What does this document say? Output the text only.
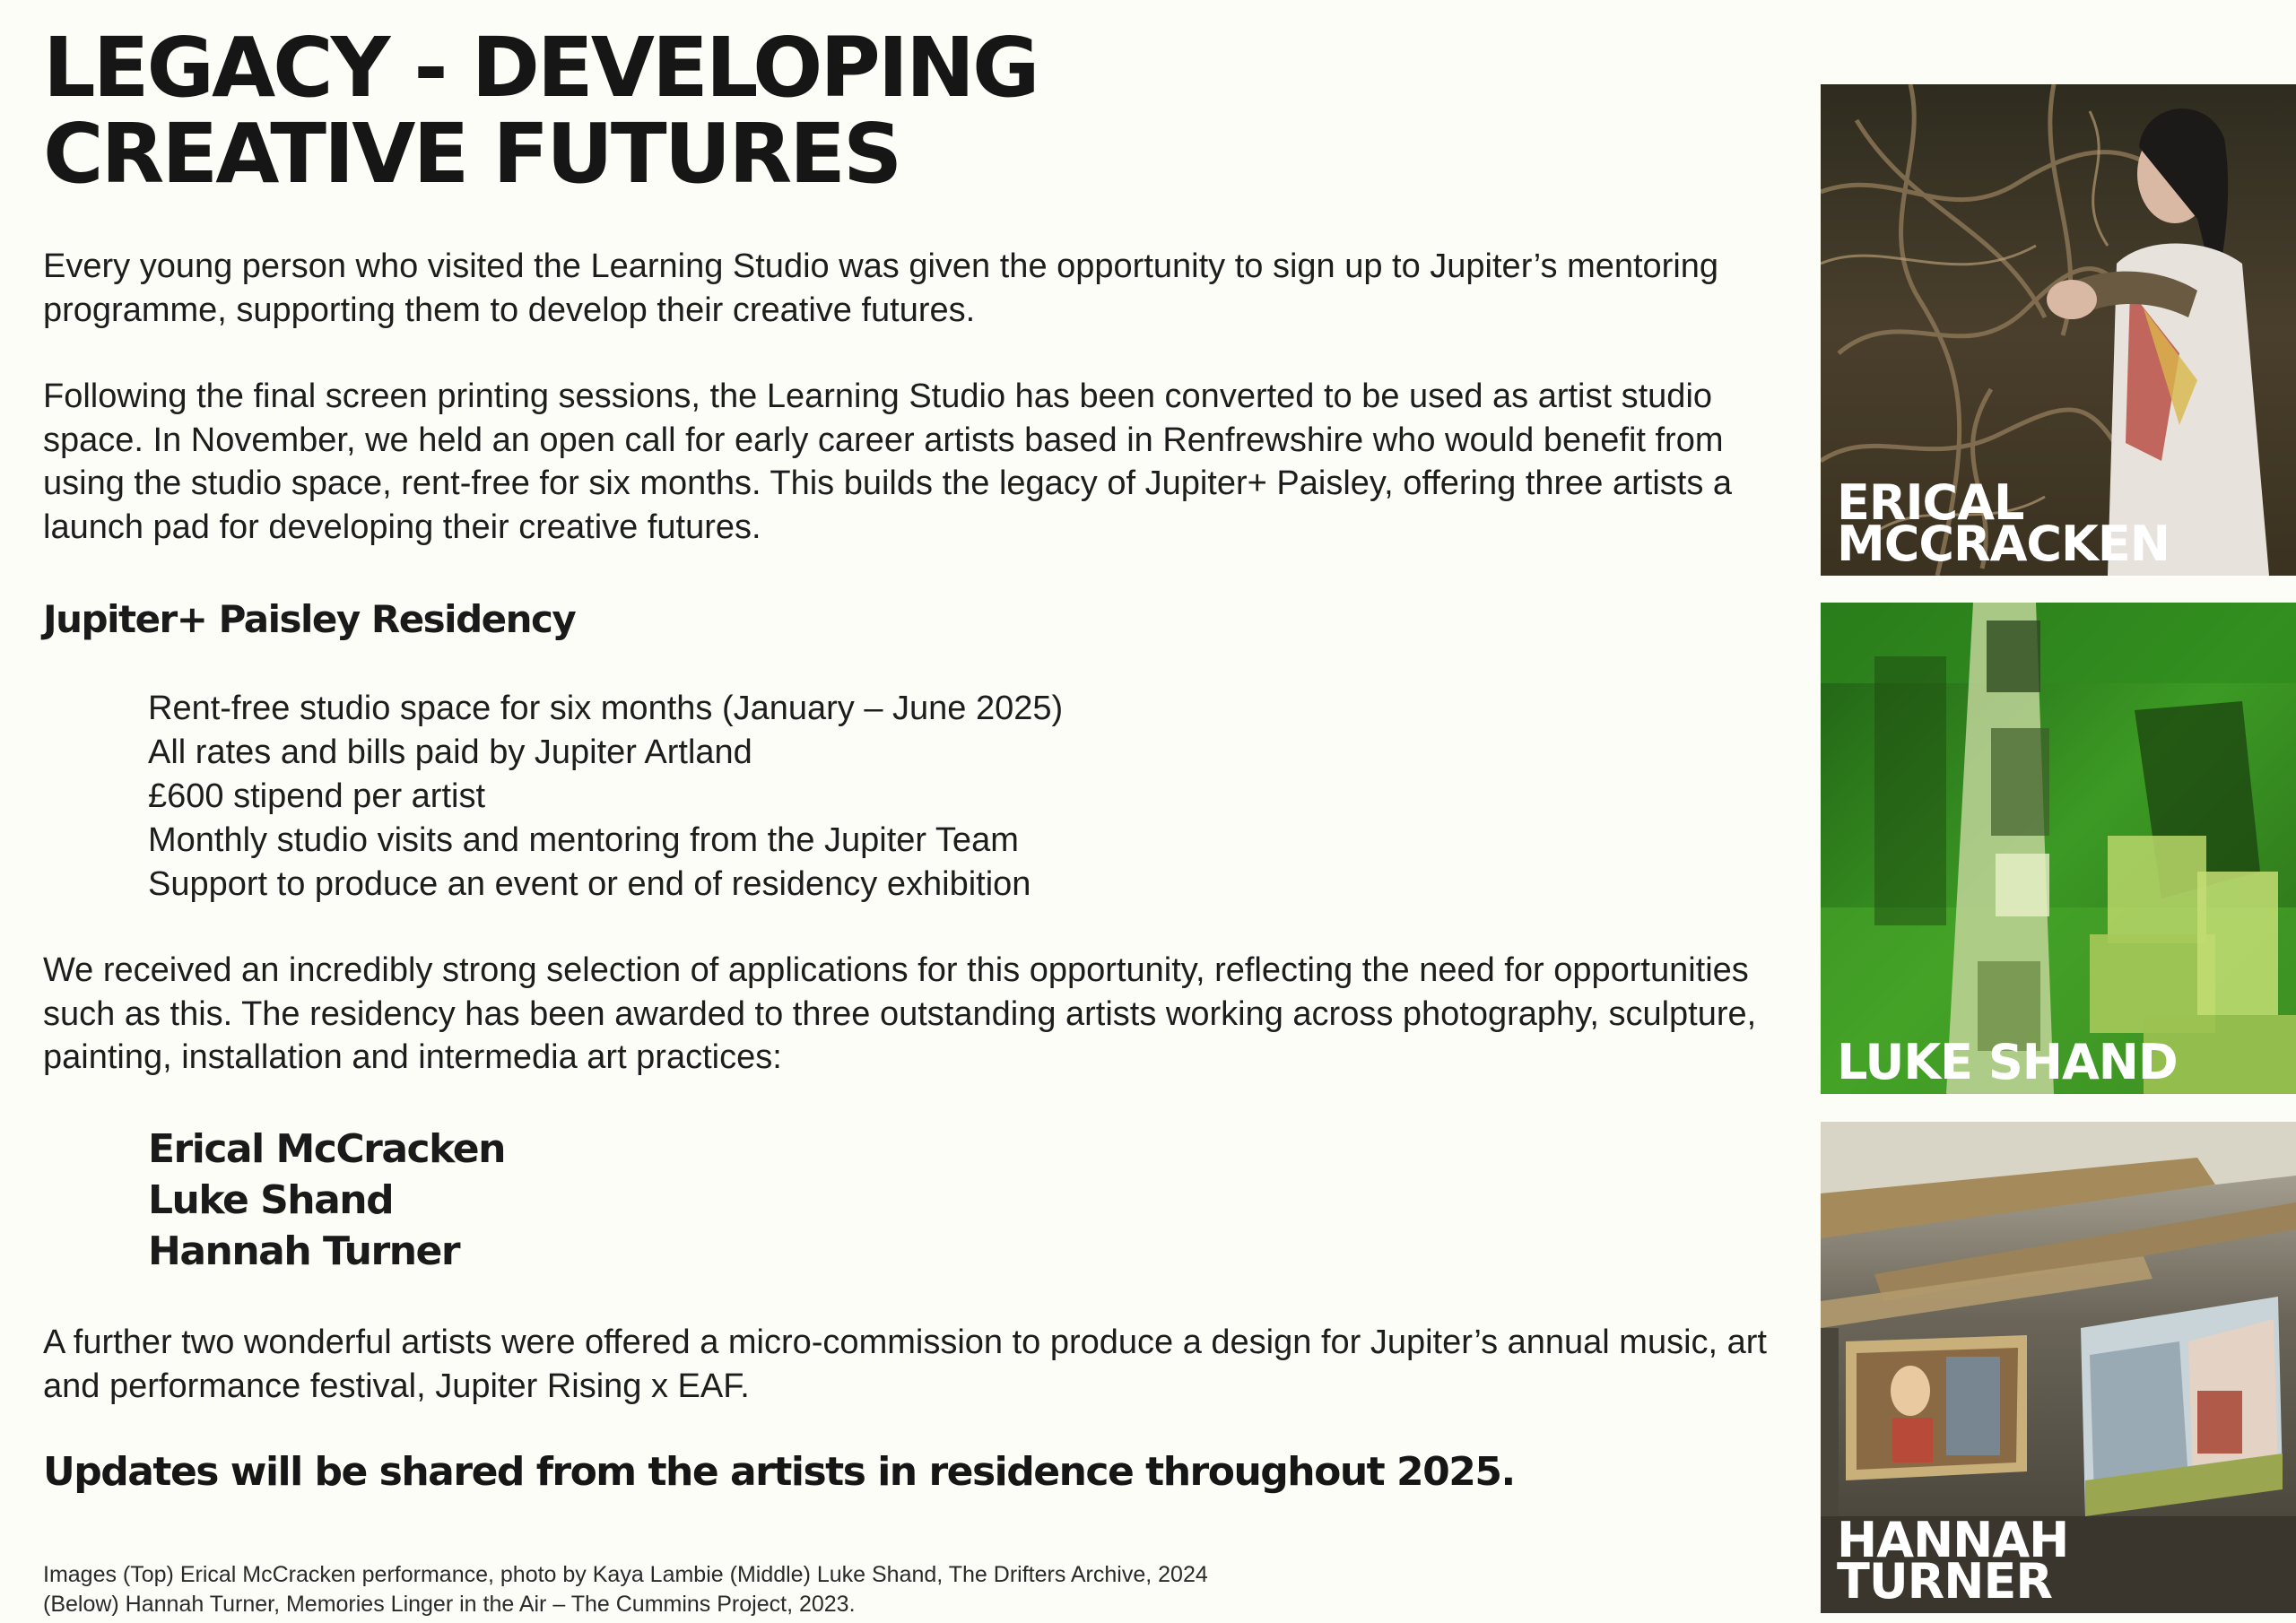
LEGACY - DEVELOPING
CREATIVE FUTURES

Every young person who visited the Learning Studio was given the opportunity to sign up to Jupiter’s mentoring programme, supporting them to develop their creative futures.

Following the final screen printing sessions, the Learning Studio has been converted to be used as artist studio space. In November, we held an open call for early career artists based in Renfrewshire who would benefit from using the studio space, rent-free for six months. This builds the legacy of Jupiter+ Paisley, offering three artists a launch pad for developing their creative futures.

Jupiter+ Paisley Residency
Rent-free studio space for six months (January – June 2025)
All rates and bills paid by Jupiter Artland
£600 stipend per artist
Monthly studio visits and mentoring from the Jupiter Team
Support to produce an event or end of residency exhibition

We received an incredibly strong selection of applications for this opportunity, reflecting the need for opportunities such as this. The residency has been awarded to three outstanding artists working across photography, sculpture, painting, installation and intermedia art practices:

Erical McCracken
Luke Shand
Hannah Turner

A further two wonderful artists were offered a micro-commission to produce a design for Jupiter’s annual music, art and performance festival, Jupiter Rising x EAF.

Updates will be shared from the artists in residence throughout 2025.

Images (Top) Erical McCracken performance, photo by Kaya Lambie (Middle) Luke Shand, The Drifters Archive, 2024
(Below) Hannah Turner, Memories Linger in the Air – The Cummins Project, 2023.

ERICAL
MCCRACKEN

LUKE SHAND

HANNAH
TURNER
